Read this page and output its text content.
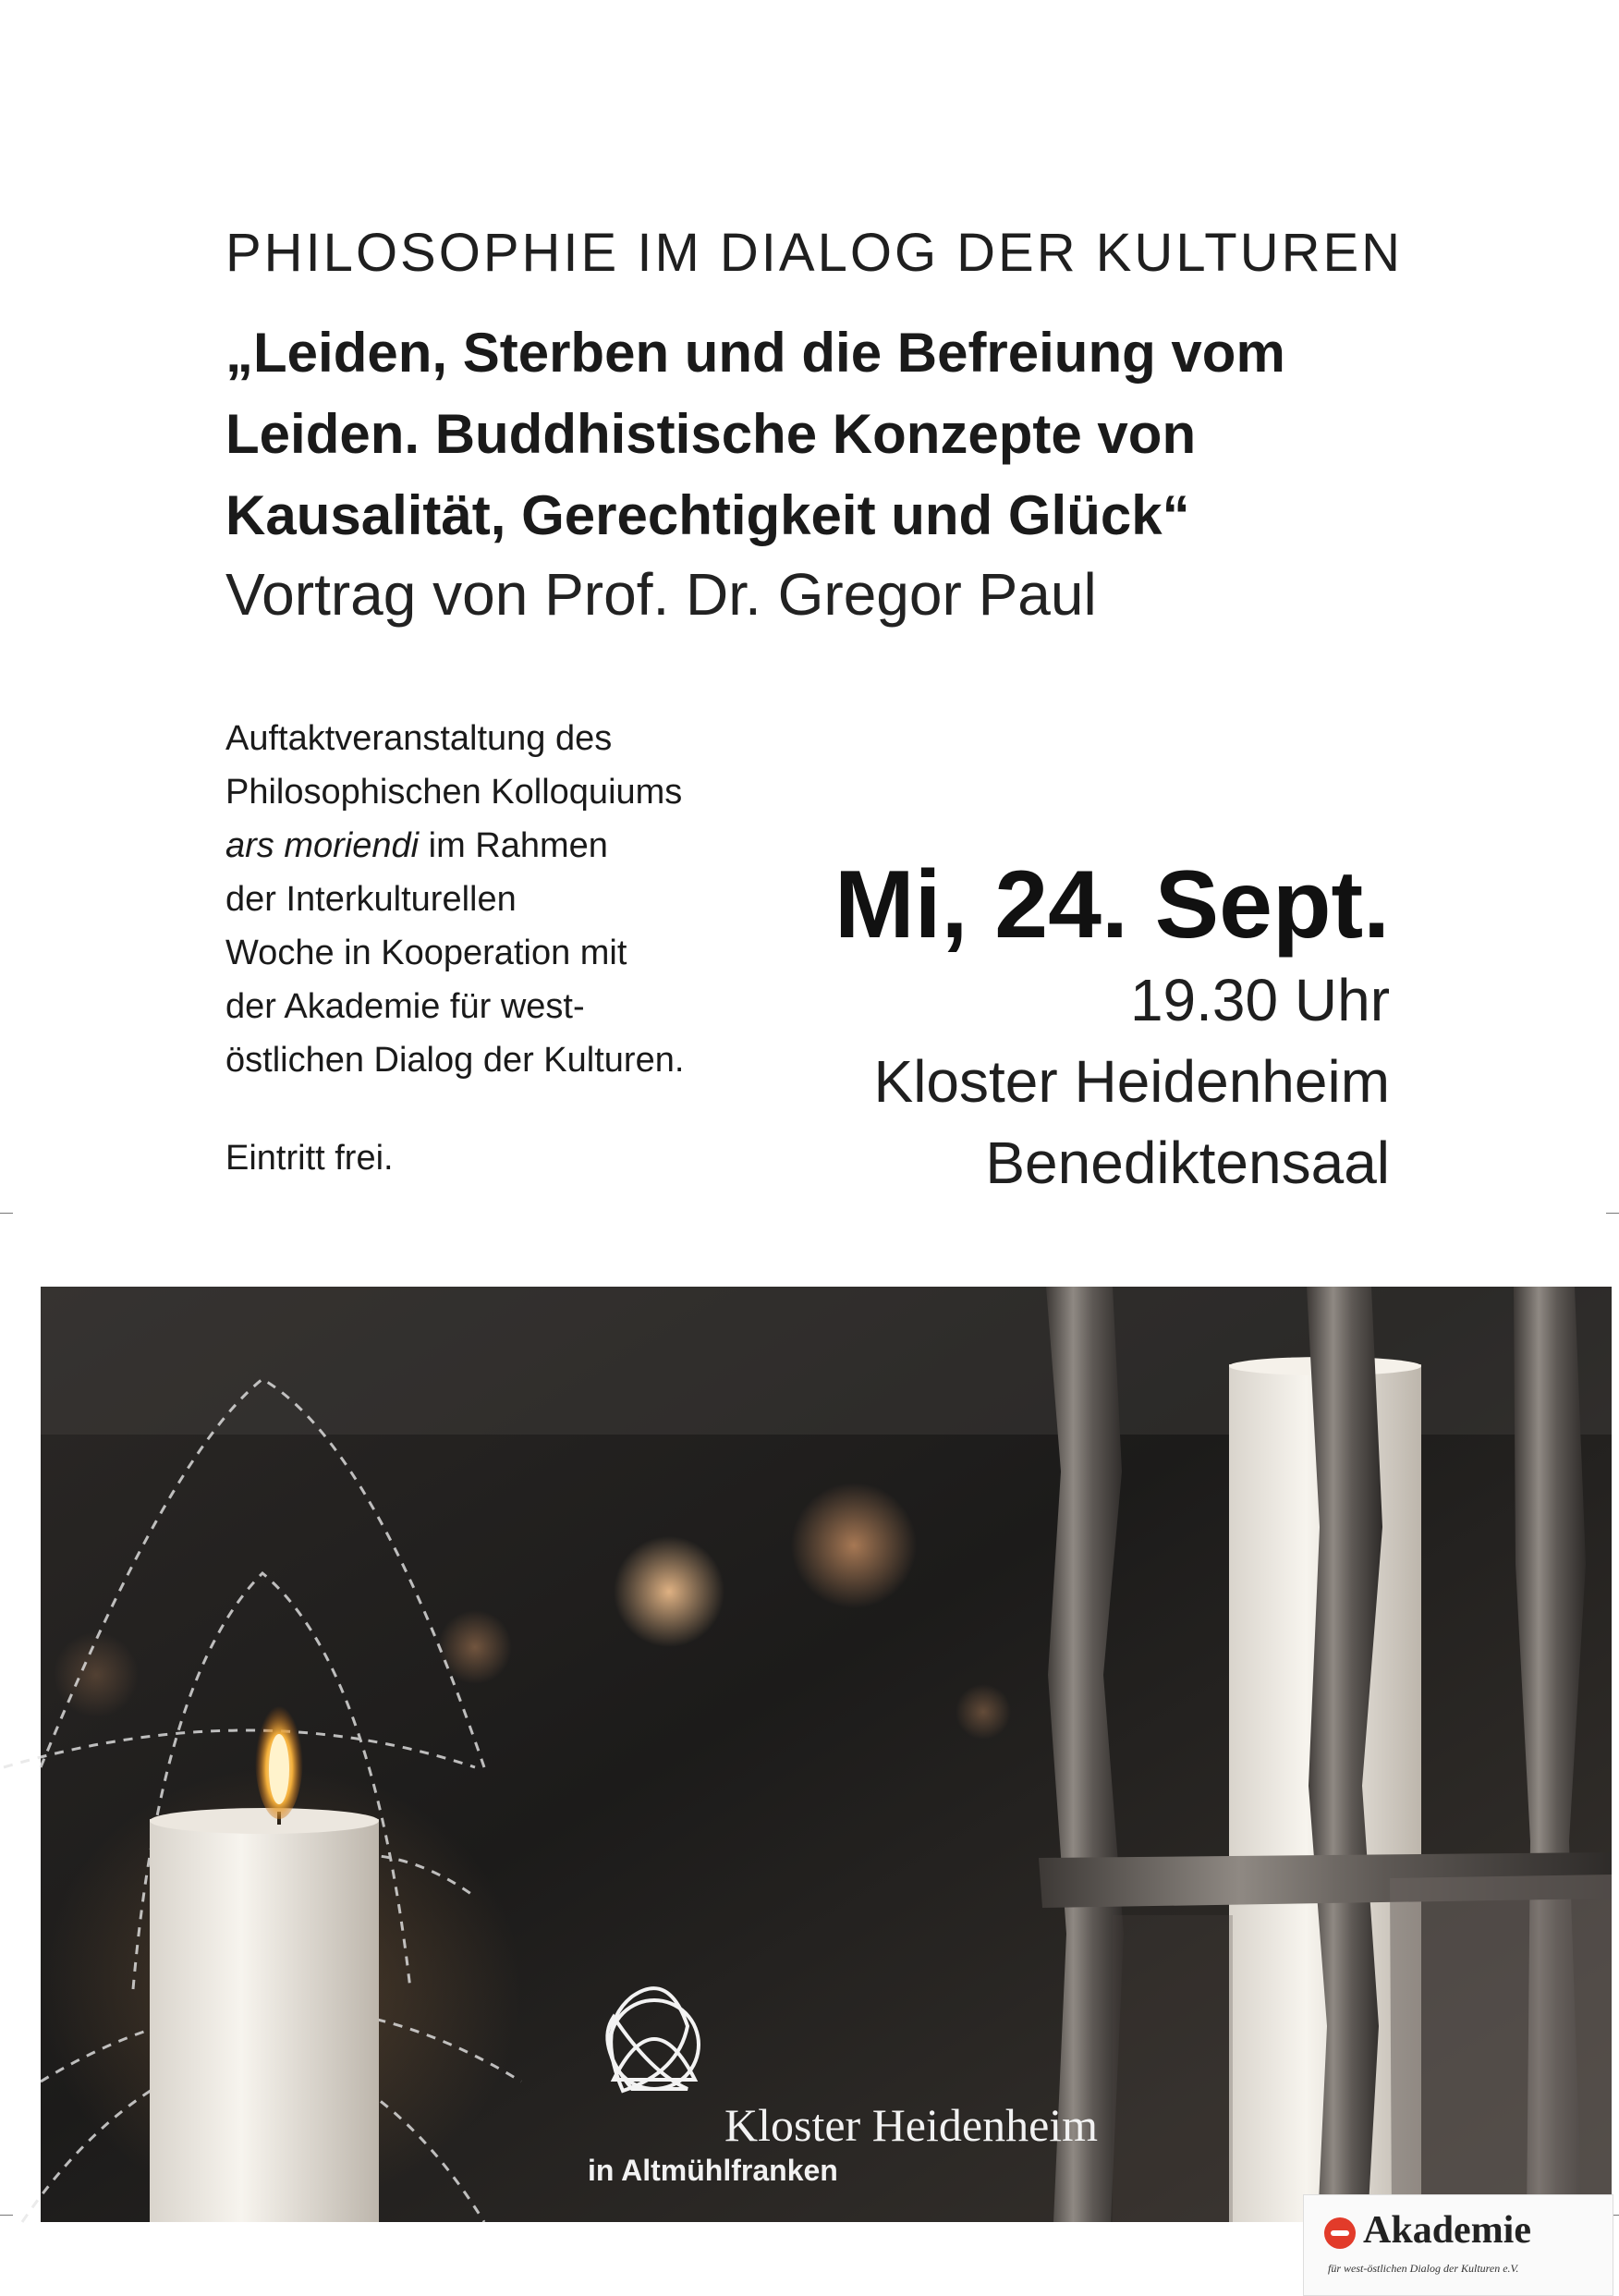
PHILOSOPHIE IM DIALOG DER KULTUREN
„Leiden, Sterben und die Befreiung vom
Leiden. Buddhistische Konzepte von
Kausalität, Gerechtigkeit und Glück“
Vortrag von Prof. Dr. Gregor Paul
Auftaktveranstaltung des
Philosophischen Kolloquiums
ars moriendi im Rahmen
der Interkulturellen
Woche in Kooperation mit
der Akademie für west-
östlichen Dialog der Kulturen.
Eintritt frei.
Mi, 24. Sept.
19.30 Uhr
Kloster Heidenheim
Benediktensaal
Kloster Heidenheim
in Altmühlfranken
Akademie
für west-östlichen Dialog der Kulturen e.V.
